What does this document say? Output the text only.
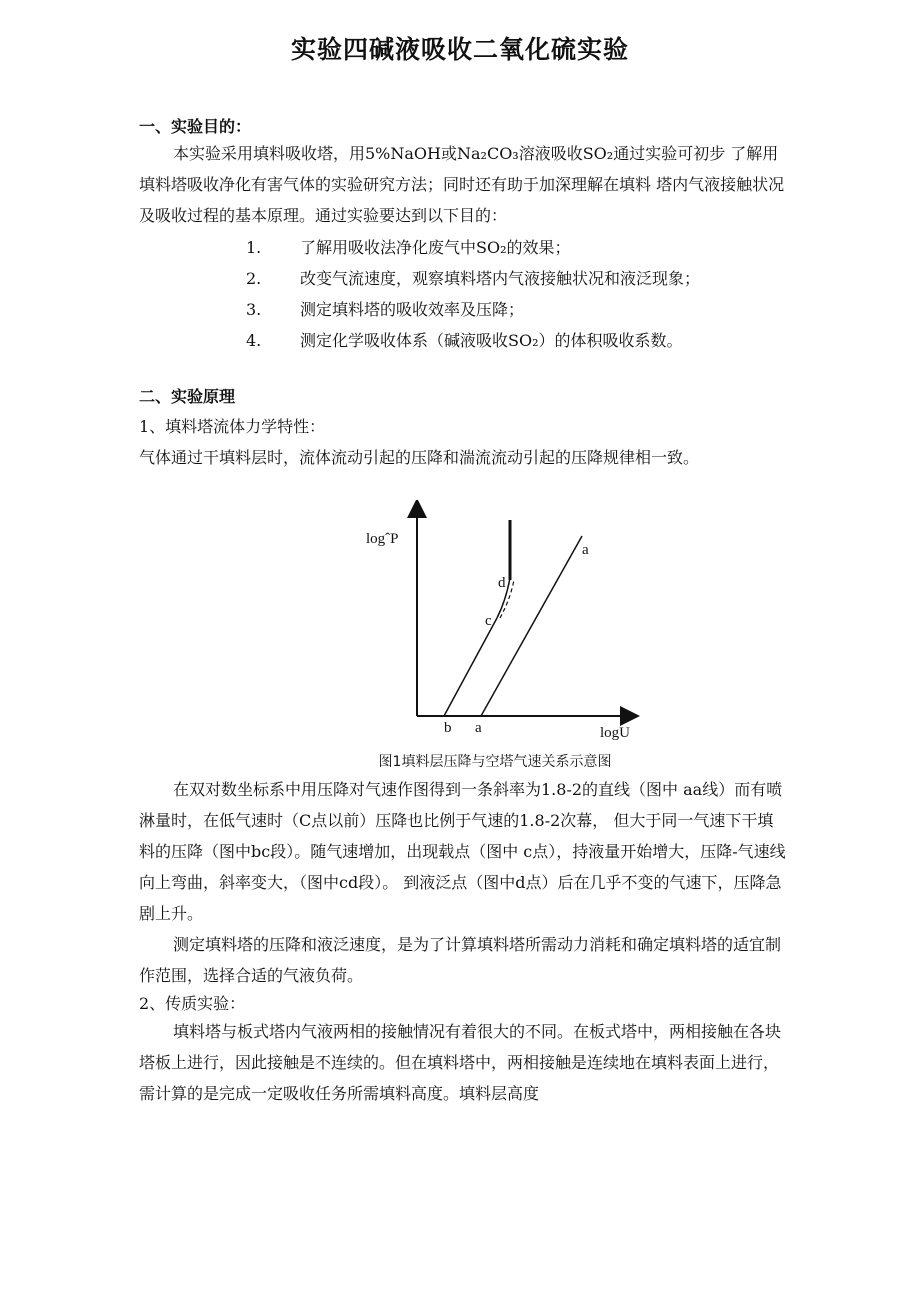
实验四碱液吸收二氧化硫实验
一、实验目的：
本实验采用填料吸收塔，用5%NaOH或Na₂CO₃溶液吸收SO₂通过实验可初步 了解用填料塔吸收净化有害气体的实验研究方法；同时还有助于加深理解在填料 塔内气液接触状况及吸收过程的基本原理。通过实验要达到以下目的：
1. 了解用吸收法净化废气中SO₂的效果；
2. 改变气流速度，观察填料塔内气液接触状况和液泛现象；
3. 测定填料塔的吸收效率及压降；
4. 测定化学吸收体系（碱液吸收SO₂）的体积吸收系数。
二、实验原理
1、填料塔流体力学特性：
气体通过干填料层时，流体流动引起的压降和湍流流动引起的压降规律相一致。
logˆP
logU
a
a
b
c
d
图1填料层压降与空塔气速关系示意图
在双对数坐标系中用压降对气速作图得到一条斜率为1.8-2的直线（图中 aa线）而有喷淋量时，在低气速时（C点以前）压降也比例于气速的1.8-2次幕， 但大于同一气速下干填料的压降（图中bc段）。随气速增加，出现载点（图中 c点），持液量开始增大，压降-气速线向上弯曲，斜率变大，（图中cd段）。 到液泛点（图中d点）后在几乎不变的气速下，压降急剧上升。
测定填料塔的压降和液泛速度，是为了计算填料塔所需动力消耗和确定填料塔的适宜制作范围，选择合适的气液负荷。
2、传质实验：
填料塔与板式塔内气液两相的接触情况有着很大的不同。在板式塔中，两相接触在各块塔板上进行，因此接触是不连续的。但在填料塔中，两相接触是连续地在填料表面上进行，需计算的是完成一定吸收任务所需填料高度。填料层高度
